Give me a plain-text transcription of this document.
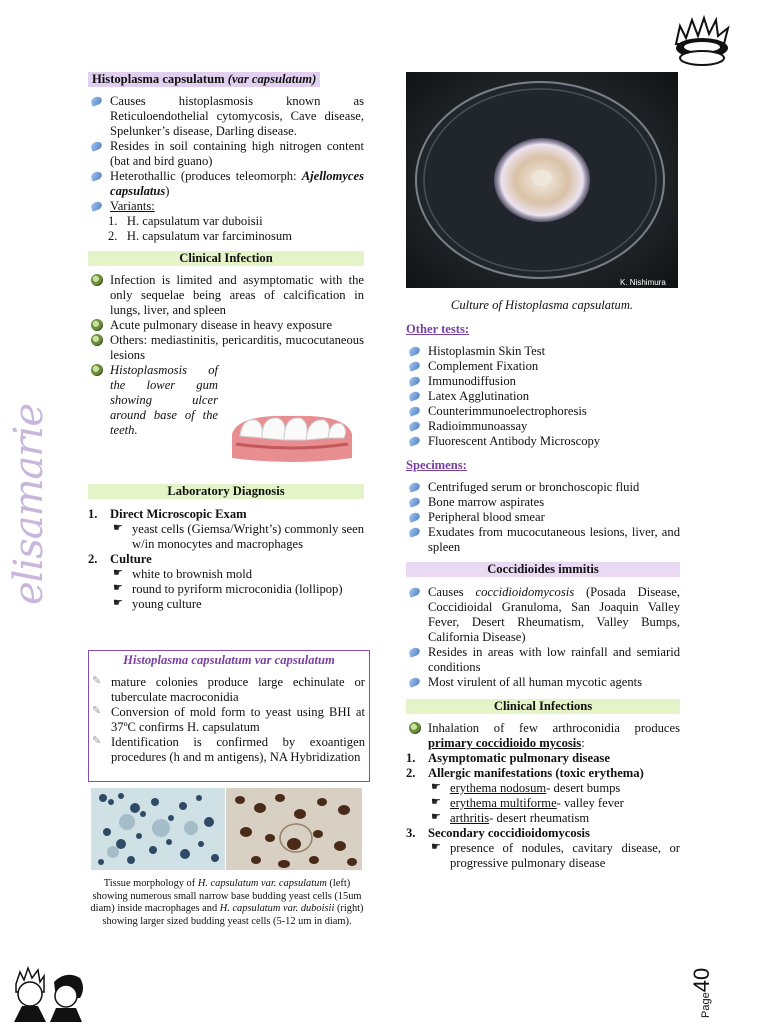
elisamarie
Histoplasma capsulatum (var capsulatum)
Causes histoplasmosis known as Reticuloendothelial cytomycosis, Cave disease, Spelunker’s disease, Darling disease.
Resides in soil containing high nitrogen content (bat and bird guano)
Heterothallic (produces teleomorph: Ajellomyces capsulatus)
Variants:
1.   H. capsulatum var duboisii
2.   H. capsulatum var farciminosum
Clinical Infection
Infection is limited and asymptomatic with the only sequelae being areas of calcification in lungs, liver, and spleen
Acute pulmonary disease in heavy exposure
Others: mediastinitis, pericarditis, mucocutaneous lesions
Histoplasmosis of the lower gum showing ulcer around base of the teeth.
Laboratory Diagnosis
1. Direct Microscopic Exam
☛ yeast cells (Giemsa/Wright’s) commonly seen w/in monocytes and macrophages
2. Culture
☛ white to brownish mold
☛ round to pyriform microconidia (lollipop)
☛ young culture
Histoplasma capsulatum var capsulatum
✎ mature colonies produce large echinulate or tuberculate macroconidia
✎ Conversion of mold form to yeast using BHI at 37ºC confirms H. capsulatum
✎ Identification is confirmed by exoantigen procedures (h and m antigens), NA Hybridization
Tissue morphology of H. capsulatum var. capsulatum (left) showing numerous small narrow base budding yeast cells (15um diam) inside macrophages and H. capsulatum var. duboisii (right) showing larger sized budding yeast cells (5-12 um in diam).
K. Nishimura
Culture of Histoplasma capsulatum.
Other tests:
Histoplasmin Skin Test
Complement Fixation
Immunodiffusion
Latex Agglutination
Counterimmunoelectrophoresis
Radioimmunoassay
Fluorescent Antibody Microscopy
Specimens:
Centrifuged serum or bronchoscopic fluid
Bone marrow aspirates
Peripheral blood smear
Exudates from mucocutaneous lesions, liver, and spleen
Coccidioides immitis
Causes coccidioidomycosis (Posada Disease, Coccidioidal Granuloma, San Joaquin Valley Fever, Desert Rheumatism, Valley Bumps, California Disease)
Resides in areas with low rainfall and semiarid conditions
Most virulent of all human mycotic agents
Clinical Infections
Inhalation of few arthroconidia produces primary coccidioido mycosis:
1. Asymptomatic pulmonary disease
2. Allergic manifestations (toxic erythema)
☛ erythema nodosum- desert bumps
☛ erythema multiforme- valley fever
☛ arthritis- desert rheumatism
3. Secondary coccidioidomycosis
☛ presence of nodules, cavitary disease, or progressive pulmonary disease
Page40
